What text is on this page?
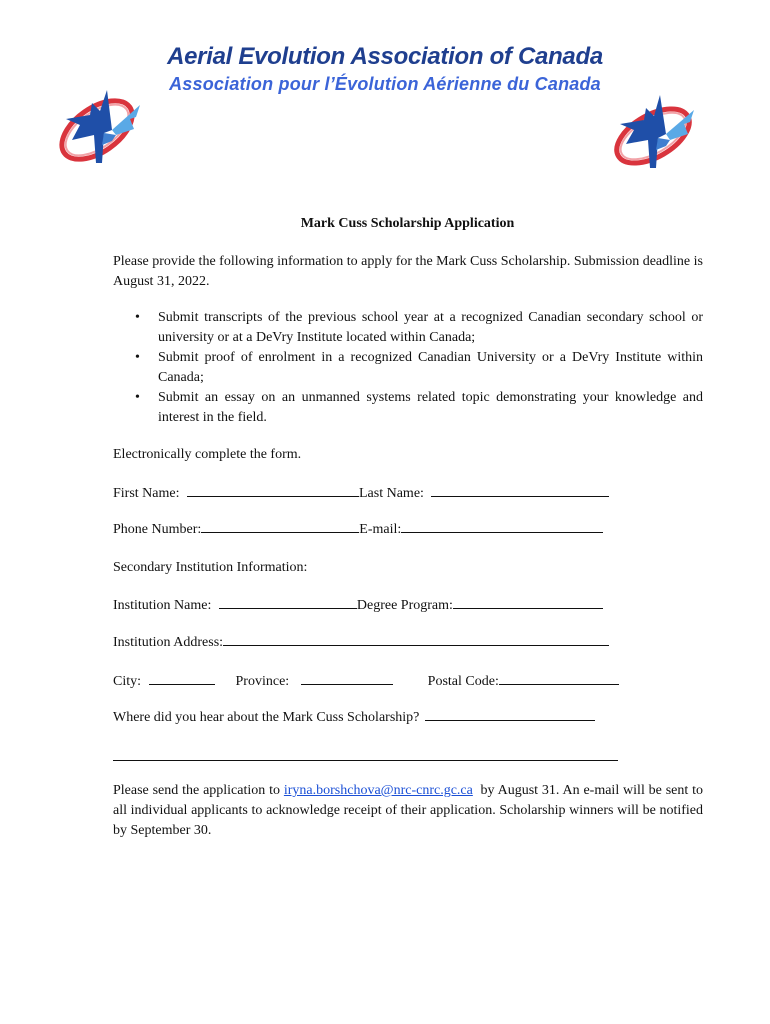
Aerial Evolution Association of Canada
Association pour l’Évolution Aérienne du Canada
Mark Cuss Scholarship Application
Please provide the following information to apply for the Mark Cuss Scholarship. Submission deadline is August 31, 2022.
• Submit transcripts of the previous school year at a recognized Canadian secondary school or university or at a DeVry Institute located within Canada;
• Submit proof of enrolment in a recognized Canadian University or a DeVry Institute within Canada;
• Submit an essay on an unmanned systems related topic demonstrating your knowledge and interest in the field.
Electronically complete the form.
First Name:	Last Name:
Phone Number:	E-mail:
Secondary Institution Information:
Institution Name:	Degree Program:
Institution Address:
City:	Province:	Postal Code:
Where did you hear about the Mark Cuss Scholarship?
Please send the application to iryna.borshchova@nrc-cnrc.gc.ca by August 31. An e-mail will be sent to all individual applicants to acknowledge receipt of their application. Scholarship winners will be notified by September 30.
